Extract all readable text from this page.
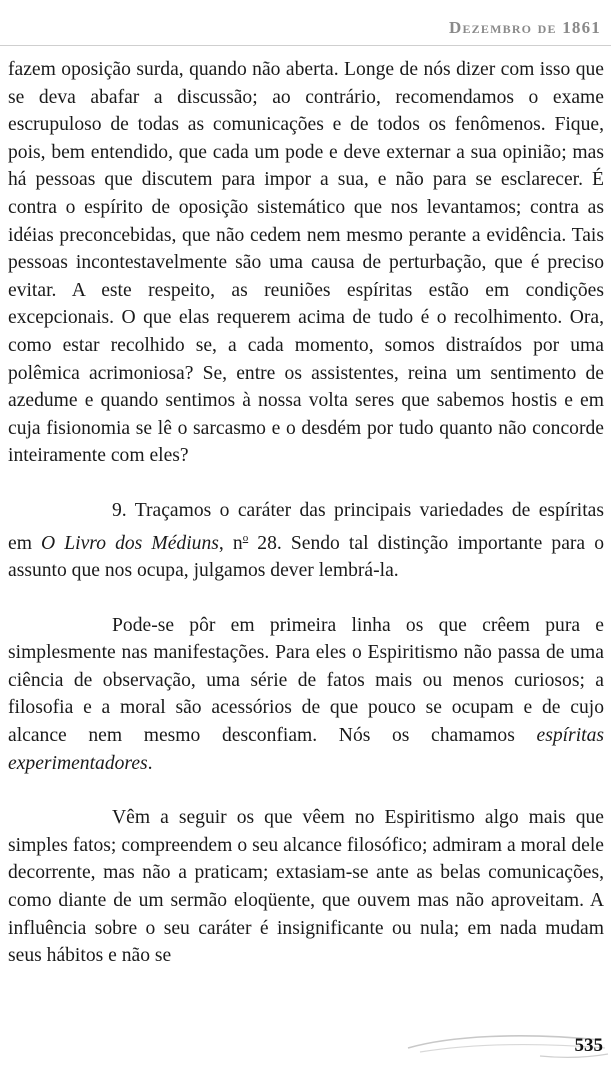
Dezembro de 1861

fazem oposição surda, quando não aberta. Longe de nós dizer com isso que se deva abafar a discussão; ao contrário, recomendamos o exame escrupuloso de todas as comunicações e de todos os fenômenos. Fique, pois, bem entendido, que cada um pode e deve externar a sua opinião; mas há pessoas que discutem para impor a sua, e não para se esclarecer. É contra o espírito de oposição sistemático que nos levantamos; contra as idéias preconcebidas, que não cedem nem mesmo perante a evidência. Tais pessoas incontestavelmente são uma causa de perturbação, que é preciso evitar. A este respeito, as reuniões espíritas estão em condições excepcionais. O que elas requerem acima de tudo é o recolhimento. Ora, como estar recolhido se, a cada momento, somos distraídos por uma polêmica acrimoniosa? Se, entre os assistentes, reina um sentimento de azedume e quando sentimos à nossa volta seres que sabemos hostis e em cuja fisionomia se lê o sarcasmo e o desdém por tudo quanto não concorde inteiramente com eles?

9. Traçamos o caráter das principais variedades de espíritas em O Livro dos Médiuns, $n^o$ 28. Sendo tal distinção importante para o assunto que nos ocupa, julgamos dever lembrá-la.

Pode-se pôr em primeira linha os que crêem pura e simplesmente nas manifestações. Para eles o Espiritismo não passa de uma ciência de observação, uma série de fatos mais ou menos curiosos; a filosofia e a moral são acessórios de que pouco se ocupam e de cujo alcance nem mesmo desconfiam. Nós os chamamos espíritas experimentadores.

Vêm a seguir os que vêem no Espiritismo algo mais que simples fatos; compreendem o seu alcance filosófico; admiram a moral dele decorrente, mas não a praticam; extasiam-se ante as belas comunicações, como diante de um sermão eloqüente, que ouvem mas não aproveitam. A influência sobre o seu caráter é insignificante ou nula; em nada mudam seus hábitos e não se

535
